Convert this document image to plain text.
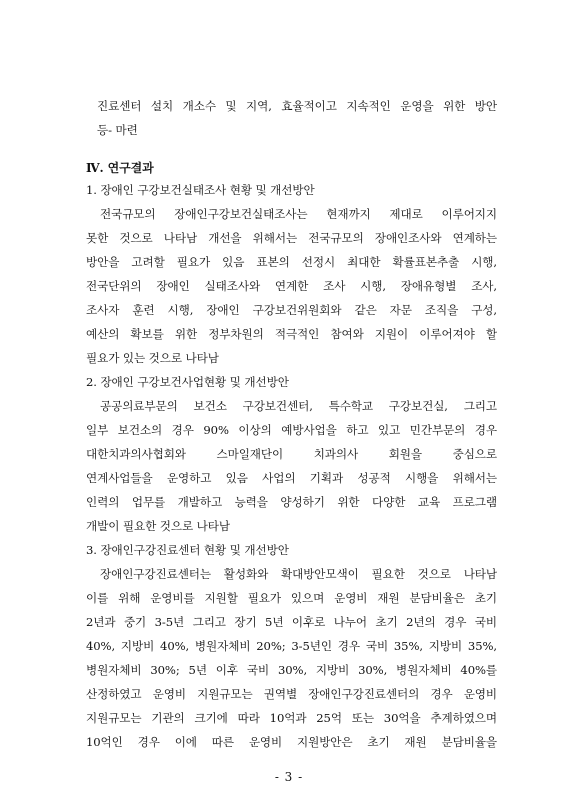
진료센터 설치 개소수 및 지역, 효율적이고 지속적인 운영을 위한 방안

등- 마련

Ⅳ. 연구결과

1. 장애인 구강보건실태조사 현황 및 개선방안

전국규모의 장애인구강보건실태조사는 현재까지 제대로 이루어지지

못한 것으로 나타남 개선을 위해서는 전국규모의 장애인조사와 연계하는

방안을 고려할 필요가 있음 표본의 선정시 최대한 확률표본추출 시행,

전국단위의 장애인 실태조사와 연계한 조사 시행, 장애유형별 조사,

조사자 훈련 시행, 장애인 구강보건위원회와 같은 자문 조직을 구성,

예산의 확보를 위한 정부차원의 적극적인 참여와 지원이 이루어져야 할

필요가 있는 것으로 나타남

2. 장애인 구강보건사업현황 및 개선방안

공공의료부문의 보건소 구강보건센터, 특수학교 구강보건실, 그리고

일부 보건소의 경우 90% 이상의 예방사업을 하고 있고 민간부문의 경우

대한치과의사협회와 스마일재단이 치과의사 회원을 중심으로

연계사업들을 운영하고 있음 사업의 기획과 성공적 시행을 위해서는

인력의 업무를 개발하고 능력을 양성하기 위한 다양한 교육 프로그램

개발이 필요한 것으로 나타남

3. 장애인구강진료센터 현황 및 개선방안

장애인구강진료센터는 활성화와 확대방안모색이 필요한 것으로 나타남

이를 위해 운영비를 지원할 필요가 있으며 운영비 재원 분담비율은 초기

2년과 중기 3-5년 그리고 장기 5년 이후로 나누어 초기 2년의 경우 국비

40%, 지방비 40%, 병원자체비 20%; 3-5년인 경우 국비 35%, 지방비 35%,

병원자체비 30%; 5년 이후 국비 30%, 지방비 30%, 병원자체비 40%를

산정하였고 운영비 지원규모는 권역별 장애인구강진료센터의 경우 운영비

지원규모는 기관의 크기에 따라 10억과 25억 또는 30억을 추계하였으며

10억인 경우 이에 따른 운영비 지원방안은 초기 재원 분담비율을

- 3 -
